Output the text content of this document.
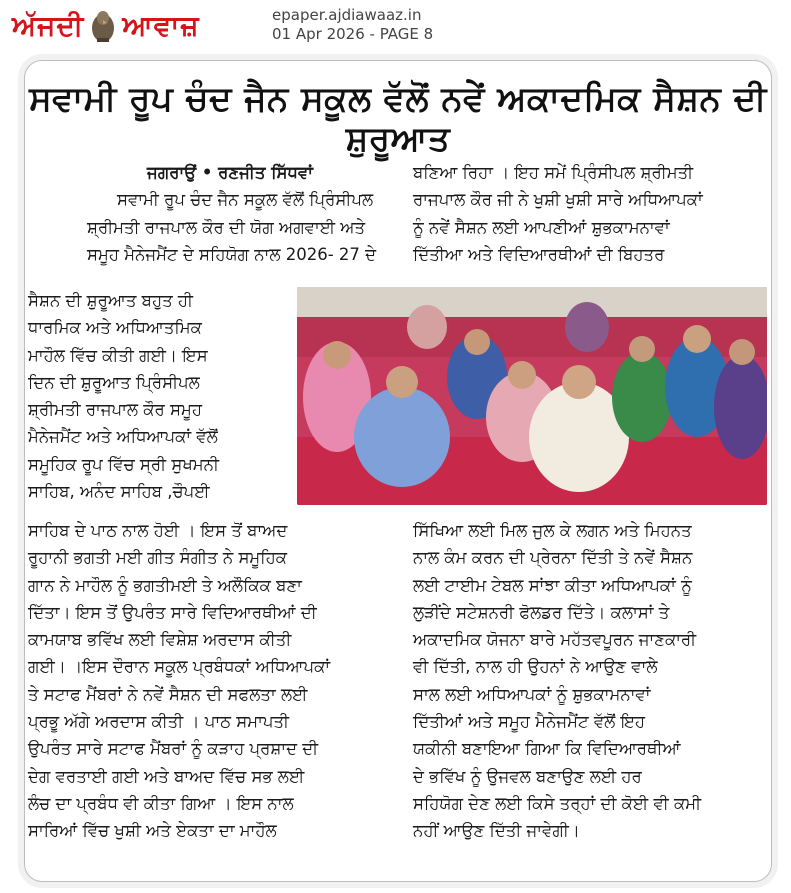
ਅੱਜਦੀ ਆਵਾਜ਼	epaper.ajdiawaaz.in
01 Apr 2026 - PAGE 8
ਸਵਾਮੀ ਰੂਪ ਚੰਦ ਜੈਨ ਸਕੂਲ ਵੱਲੋਂ ਨਵੇਂ ਅਕਾਦਮਿਕ ਸੈਸ਼ਨ ਦੀ ਸ਼ੁਰੂਆਤ

ਜਗਰਾਉਂ • ਰਣਜੀਤ ਸਿੱਧਵਾਂ

ਸਵਾਮੀ ਰੂਪ ਚੰਦ ਜੈਨ ਸਕੂਲ ਵੱਲੋਂ ਪ੍ਰਿੰਸੀਪਲ

ਸ਼੍ਰੀਮਤੀ ਰਾਜਪਾਲ ਕੌਰ ਦੀ ਯੋਗ ਅਗਵਾਈ ਅਤੇ

ਸਮੂਹ ਮੈਨੇਜਮੈਂਟ ਦੇ ਸਹਿਯੋਗ ਨਾਲ 2026- 27 ਦੇ

ਸੈਸ਼ਨ ਦੀ ਸ਼ੁਰੂਆਤ ਬਹੁਤ ਹੀ

ਧਾਰਮਿਕ ਅਤੇ ਅਧਿਆਤਮਿਕ

ਮਾਹੌਲ ਵਿੱਚ ਕੀਤੀ ਗਈ। ਇਸ

ਦਿਨ ਦੀ ਸ਼ੁਰੂਆਤ ਪ੍ਰਿੰਸੀਪਲ

ਸ਼੍ਰੀਮਤੀ ਰਾਜਪਾਲ ਕੌਰ ਸਮੂਹ

ਮੈਨੇਜਮੈਂਟ ਅਤੇ ਅਧਿਆਪਕਾਂ ਵੱਲੋਂ

ਸਮੂਹਿਕ ਰੂਪ ਵਿੱਚ ਸ੍ਰੀ ਸੁਖਮਨੀ

ਸਾਹਿਬ, ਅਨੰਦ ਸਾਹਿਬ ,ਚੌਪਈ

ਸਾਹਿਬ ਦੇ ਪਾਠ ਨਾਲ ਹੋਈ । ਇਸ ਤੋਂ ਬਾਅਦ

ਰੂਹਾਨੀ ਭਗਤੀ ਮਈ ਗੀਤ ਸੰਗੀਤ ਨੇ ਸਮੂਹਿਕ

ਗਾਨ ਨੇ ਮਾਹੌਲ ਨੂੰ ਭਗਤੀਮਈ ਤੇ ਅਲੌਕਿਕ ਬਣਾ

ਦਿੱਤਾ। ਇਸ ਤੋਂ ਉਪਰੰਤ ਸਾਰੇ ਵਿਦਿਆਰਥੀਆਂ ਦੀ

ਕਾਮਯਾਬ ਭਵਿੱਖ ਲਈ ਵਿਸ਼ੇਸ਼ ਅਰਦਾਸ ਕੀਤੀ

ਗਈ। ।ਇਸ ਦੌਰਾਨ ਸਕੂਲ ਪ੍ਰਬੰਧਕਾਂ ਅਧਿਆਪਕਾਂ

ਤੇ ਸਟਾਫ ਮੈਂਬਰਾਂ ਨੇ ਨਵੇਂ ਸੈਸ਼ਨ ਦੀ ਸਫਲਤਾ ਲਈ

ਪ੍ਰਭੂ ਅੱਗੇ ਅਰਦਾਸ ਕੀਤੀ । ਪਾਠ ਸਮਾਪਤੀ

ਉਪਰੰਤ ਸਾਰੇ ਸਟਾਫ ਮੈਂਬਰਾਂ ਨੂੰ ਕੜਾਹ ਪ੍ਰਸ਼ਾਦ ਦੀ

ਦੇਗ ਵਰਤਾਈ ਗਈ ਅਤੇ ਬਾਅਦ ਵਿੱਚ ਸਭ ਲਈ

ਲੰਚ ਦਾ ਪ੍ਰਬੰਧ ਵੀ ਕੀਤਾ ਗਿਆ । ਇਸ ਨਾਲ

ਸਾਰਿਆਂ ਵਿੱਚ ਖੁਸ਼ੀ ਅਤੇ ਏਕਤਾ ਦਾ ਮਾਹੌਲ

ਬਣਿਆ ਰਿਹਾ । ਇਹ ਸਮੇਂ ਪ੍ਰਿੰਸੀਪਲ ਸ਼੍ਰੀਮਤੀ

ਰਾਜਪਾਲ ਕੌਰ ਜੀ ਨੇ ਖੁਸ਼ੀ ਖੁਸ਼ੀ ਸਾਰੇ ਅਧਿਆਪਕਾਂ

ਨੂੰ ਨਵੇਂ ਸੈਸ਼ਨ ਲਈ ਆਪਣੀਆਂ ਸ਼ੁਭਕਾਮਨਾਵਾਂ

ਦਿੱਤੀਆ ਅਤੇ ਵਿਦਿਆਰਥੀਆਂ ਦੀ ਬਿਹਤਰ

ਸਿੱਖਿਆ ਲਈ ਮਿਲ ਜੁਲ ਕੇ ਲਗਨ ਅਤੇ ਮਿਹਨਤ

ਨਾਲ ਕੰਮ ਕਰਨ ਦੀ ਪ੍ਰੇਰਨਾ ਦਿੱਤੀ ਤੇ ਨਵੇਂ ਸੈਸ਼ਨ

ਲਈ ਟਾਈਮ ਟੇਬਲ ਸਾਂਝਾ ਕੀਤਾ ਅਧਿਆਪਕਾਂ ਨੂੰ

ਲੁੜੀਂਦੇ ਸਟੇਸ਼ਨਰੀ ਫੋਲਡਰ ਦਿੱਤੇ। ਕਲਾਸਾਂ ਤੇ

ਅਕਾਦਮਿਕ ਯੋਜਨਾ ਬਾਰੇ ਮਹੱਤਵਪੂਰਨ ਜਾਣਕਾਰੀ

ਵੀ ਦਿੱਤੀ, ਨਾਲ ਹੀ ਉਹਨਾਂ ਨੇ ਆਉਣ ਵਾਲੇ

ਸਾਲ ਲਈ ਅਧਿਆਪਕਾਂ ਨੂੰ ਸ਼ੁਭਕਾਮਨਾਵਾਂ

ਦਿੱਤੀਆਂ ਅਤੇ ਸਮੂਹ ਮੈਨੇਜਮੈਂਟ ਵੱਲੋਂ ਇਹ

ਯਕੀਨੀ ਬਣਾਇਆ ਗਿਆ ਕਿ ਵਿਦਿਆਰਥੀਆਂ

ਦੇ ਭਵਿੱਖ ਨੂੰ ਉਜਵਲ ਬਣਾਉਣ ਲਈ ਹਰ

ਸਹਿਯੋਗ ਦੇਣ ਲਈ ਕਿਸੇ ਤਰ੍ਹਾਂ ਦੀ ਕੋਈ ਵੀ ਕਮੀ

ਨਹੀਂ ਆਉਣ ਦਿੱਤੀ ਜਾਵੇਗੀ।
